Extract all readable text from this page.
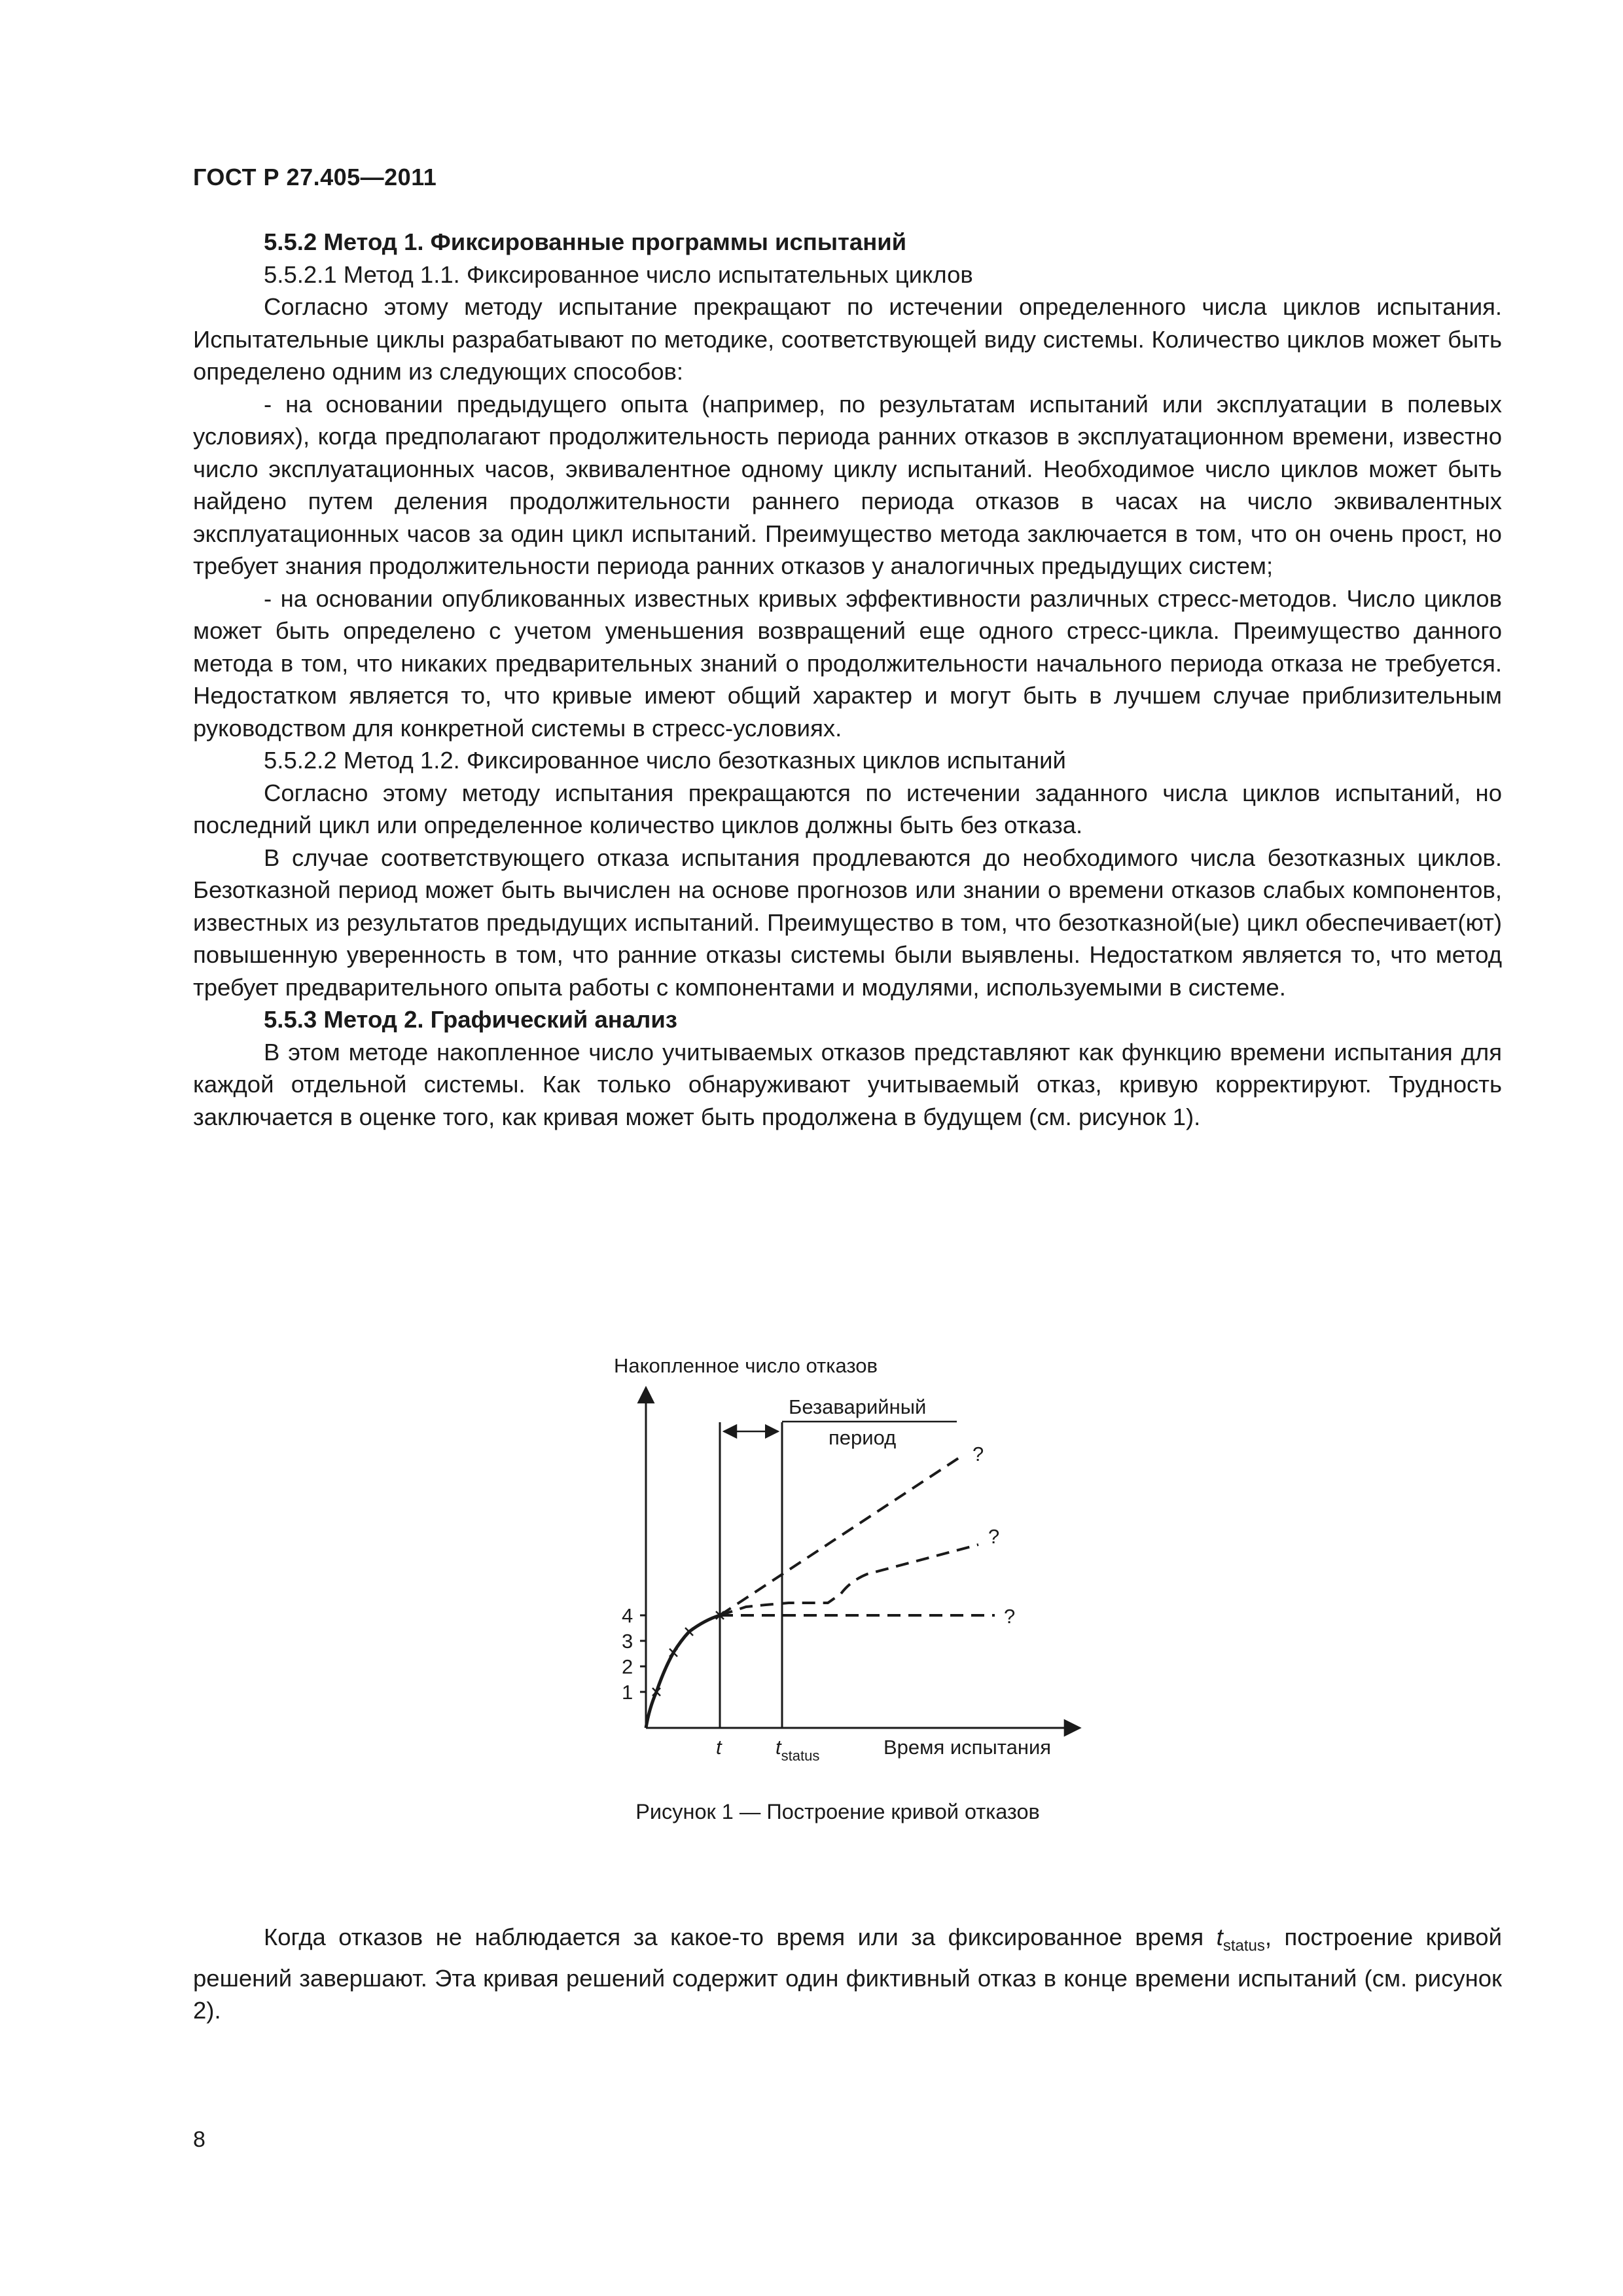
ГОСТ Р 27.405—2011

5.5.2 Метод 1. Фиксированные программы испытаний

5.5.2.1 Метод 1.1. Фиксированное число испытательных циклов

Согласно этому методу испытание прекращают по истечении определенного числа циклов испытания. Испытательные циклы разрабатывают по методике, соответствующей виду системы. Количество циклов может быть определено одним из следующих способов:

- на основании предыдущего опыта (например, по результатам испытаний или эксплуатации в полевых условиях), когда предполагают продолжительность периода ранних отказов в эксплуатационном времени, известно число эксплуатационных часов, эквивалентное одному циклу испытаний. Необходимое число циклов может быть найдено путем деления продолжительности раннего периода отказов в часах на число эквивалентных эксплуатационных часов за один цикл испытаний. Преимущество метода заключается в том, что он очень прост, но требует знания продолжительности периода ранних отказов у аналогичных предыдущих систем;

- на основании опубликованных известных кривых эффективности различных стресс-методов. Число циклов может быть определено с учетом уменьшения возвращений еще одного стресс-цикла. Преимущество данного метода в том, что никаких предварительных знаний о продолжительности начального периода отказа не требуется. Недостатком является то, что кривые имеют общий характер и могут быть в лучшем случае приблизительным руководством для конкретной системы в стресс-условиях.

5.5.2.2 Метод 1.2. Фиксированное число безотказных циклов испытаний

Согласно этому методу испытания прекращаются по истечении заданного числа циклов испытаний, но последний цикл или определенное количество циклов должны быть без отказа.

В случае соответствующего отказа испытания продлеваются до необходимого числа безотказных циклов. Безотказной период может быть вычислен на основе прогнозов или знании о времени отказов слабых компонентов, известных из результатов предыдущих испытаний. Преимущество в том, что безотказной(ые) цикл обеспечивает(ют) повышенную уверенность в том, что ранние отказы системы были выявлены. Недостатком является то, что метод требует предварительного опыта работы с компонентами и модулями, используемыми в системе.

5.5.3 Метод 2. Графический анализ

В этом методе накопленное число учитываемых отказов представляют как функцию времени испытания для каждой отдельной системы. Как только обнаруживают учитываемый отказ, кривую корректируют. Трудность заключается в оценке того, как кривая может быть продолжена в будущем (см. рисунок 1).

Накопленное число отказов
1
2
3
4
Безаварийный
период
?
?
?
t	$t_{status}$	Время испытания
Рисунок 1 — Построение кривой отказов

Когда отказов не наблюдается за какое-то время или за фиксированное время $t_{status}$, построение кривой решений завершают. Эта кривая решений содержит один фиктивный отказ в конце времени испытаний (см. рисунок 2).

8
